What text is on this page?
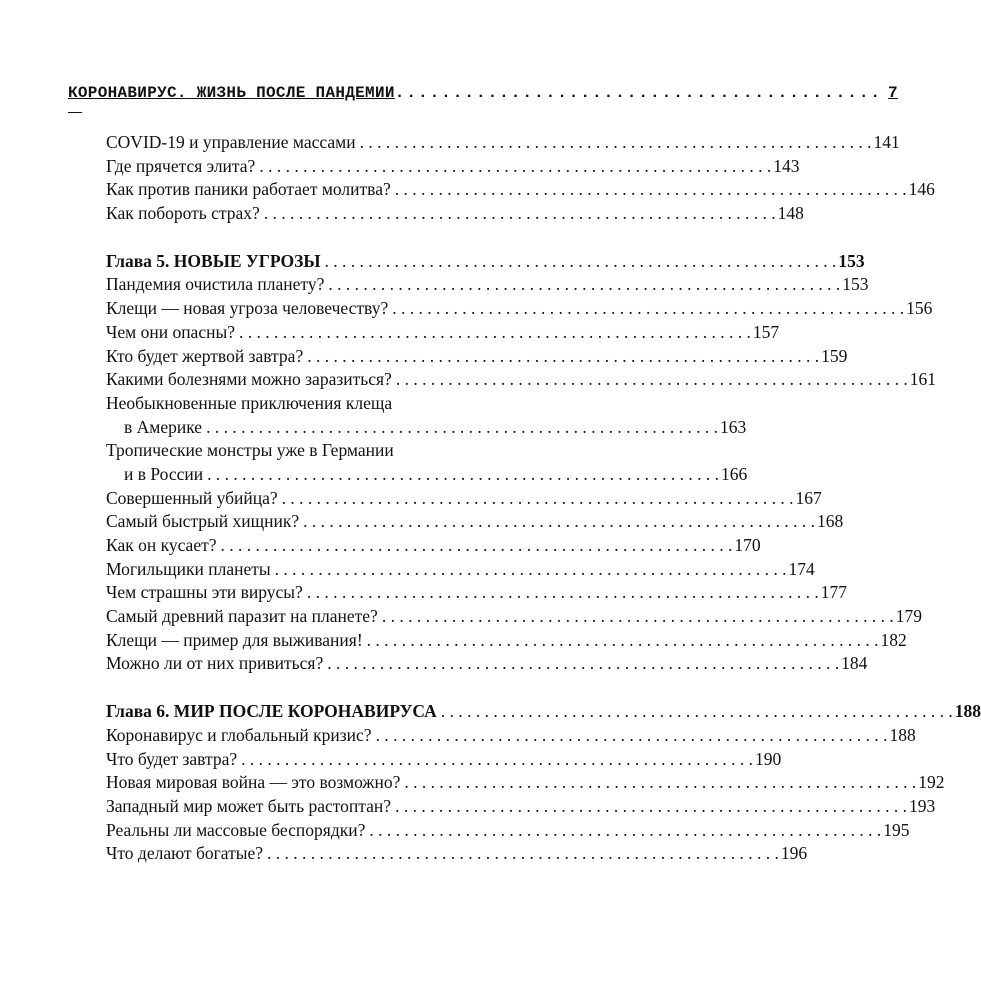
КОРОНАВИРУС. ЖИЗНЬ ПОСЛЕ ПАНДЕМИИ .......................................... 7
COVID-19 и управление массами . . .	141
Где прячется элита? . . .	143
Как против паники работает молитва? . . .	146
Как побороть страх? . . .	148
Глава 5. НОВЫЕ УГРОЗЫ . . .	153
Пандемия очистила планету? . . .	153
Клещи — новая угроза человечеству? . . .	156
Чем они опасны? . . .	157
Кто будет жертвой завтра? . . .	159
Какими болезнями можно заразиться? . . .	161
Необыкновенные приключения клеща
в Америке . . .	163
Тропические монстры уже в Германии
и в России . . .	166
Совершенный убийца? . . .	167
Самый быстрый хищник? . . .	168
Как он кусает? . . .	170
Могильщики планеты . . .	174
Чем страшны эти вирусы? . . .	177
Самый древний паразит на планете? . . .	179
Клещи — пример для выживания! . . .	182
Можно ли от них привиться? . . .	184
Глава 6. МИР ПОСЛЕ КОРОНАВИРУСА . . .	188
Коронавирус и глобальный кризис? . . .	188
Что будет завтра? . . .	190
Новая мировая война — это возможно? . . .	192
Западный мир может быть растоптан? . . .	193
Реальны ли массовые беспорядки? . . .	195
Что делают богатые? . . .	196
